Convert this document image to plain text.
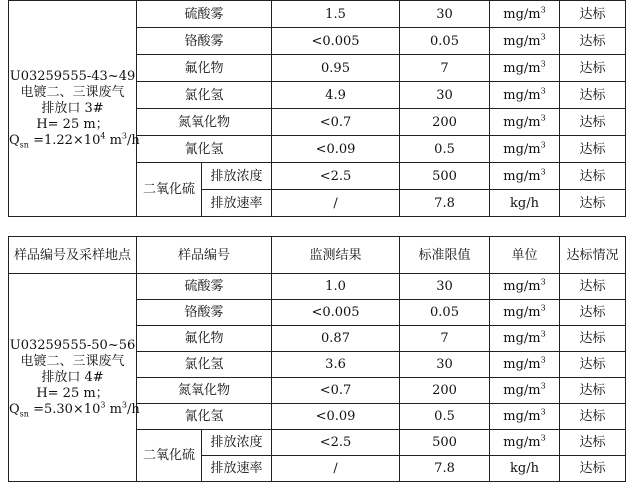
U03259555-43~49
电镀二、三课废气
排放口 3#
H= 25 m；
$Q_{sn} =1.22\times 10^4$ $m^3/h$	硫酸雾		1.5	30	$mg/m^3$	达标
	铬酸雾		<0.005	0.05	$mg/m^3$	达标
	氟化物		0.95	7	$mg/m^3$	达标
	氯化氢		4.9	30	$mg/m^3$	达标
	氮氧化物		<0.7	200	$mg/m^3$	达标
	氰化氢		<0.09	0.5	$mg/m^3$	达标
	二氧化硫	排放浓度	<2.5	500	$mg/m^3$	达标
		排放速率	/	7.8	kg/h	达标
样品编号及采样地点	样品编号		监测结果	标准限值	单位	达标情况

U03259555-50~56
电镀二、三课废气
排放口 4#
H= 25 m；
$Q_{sn} =5.30\times 10^3$ $m^3/h$	硫酸雾		1.0	30	$mg/m^3$	达标
	铬酸雾		<0.005	0.05	$mg/m^3$	达标
	氟化物		0.87	7	$mg/m^3$	达标
	氯化氢		3.6	30	$mg/m^3$	达标
	氮氧化物		<0.7	200	$mg/m^3$	达标
	氰化氢		<0.09	0.5	$mg/m^3$	达标
	二氧化硫	排放浓度	<2.5	500	$mg/m^3$	达标
		排放速率	/	7.8	kg/h	达标
